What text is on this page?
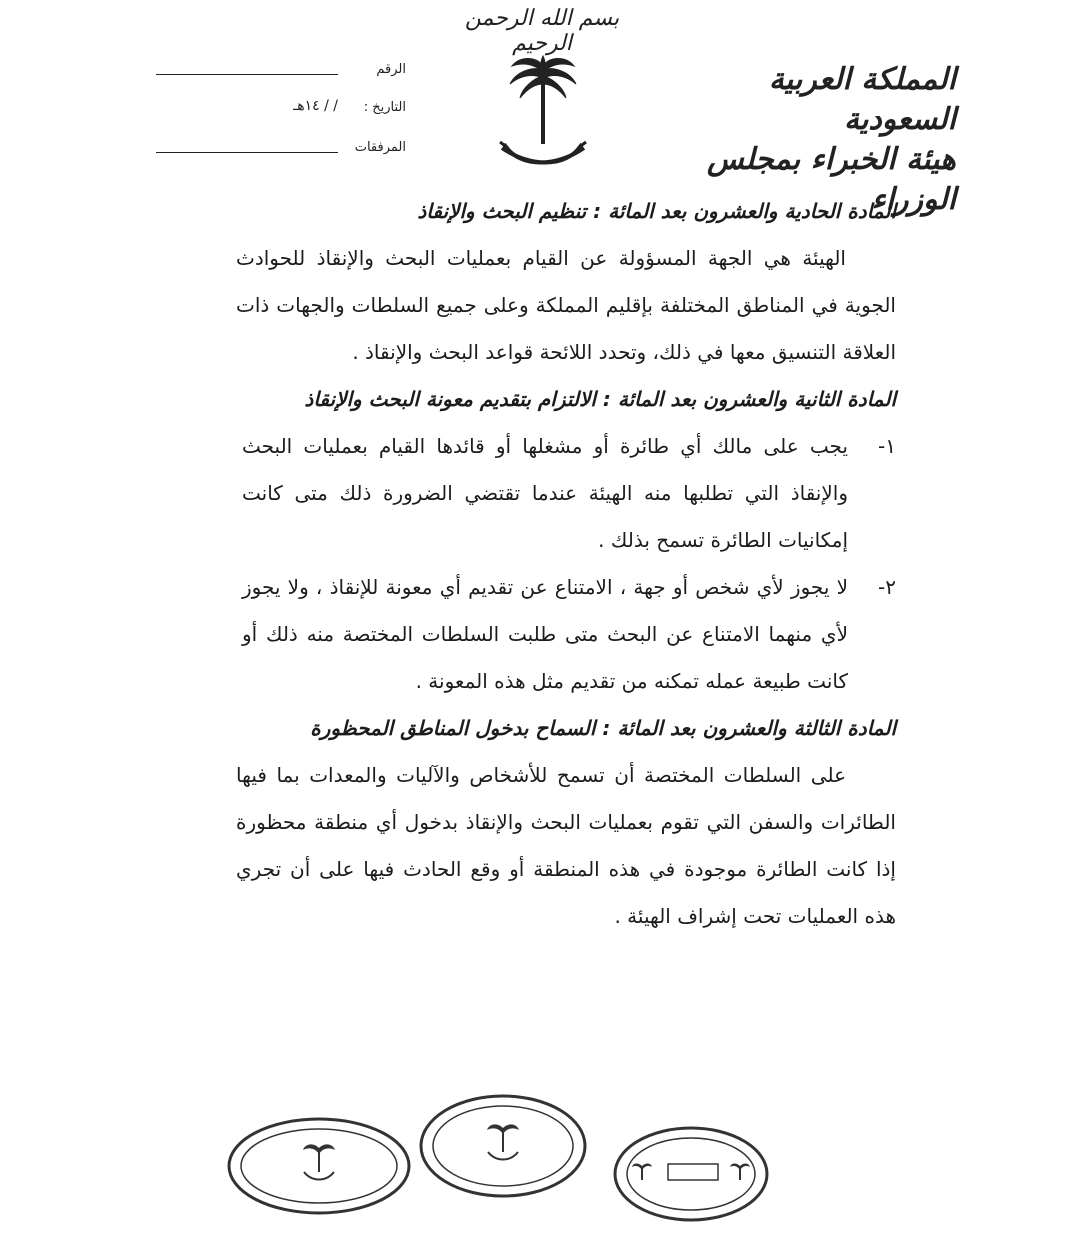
بسم الله الرحمن الرحيم
المملكة العربية السعودية
هيئة الخبراء بمجلس الوزراء
الرقم
التاريخ :
/ / ١٤هـ
المرفقات

المادة الحادية والعشرون بعد المائة : تنظيم البحث والإنقاذ

الهيئة هي الجهة المسؤولة عن القيام بعمليات البحث والإنقاذ للحوادث الجوية في المناطق المختلفة بإقليم المملكة وعلى جميع السلطات والجهات ذات العلاقة التنسيق معها في ذلك، وتحدد اللائحة قواعد البحث والإنقاذ .

المادة الثانية والعشرون بعد المائة : الالتزام بتقديم معونة البحث والإنقاذ

١-
يجب على مالك أي طائرة أو مشغلها أو قائدها القيام بعمليات البحث والإنقاذ التي تطلبها منه الهيئة عندما تقتضي الضرورة ذلك متى كانت إمكانيات الطائرة تسمح بذلك .
٢-
لا يجوز لأي شخص أو جهة ، الامتناع عن تقديم أي معونة للإنقاذ ، ولا يجوز لأي منهما الامتناع عن البحث متى طلبت السلطات المختصة منه ذلك أو كانت طبيعة عمله تمكنه من تقديم مثل هذه المعونة .

المادة الثالثة والعشرون بعد المائة : السماح بدخول المناطق المحظورة

على السلطات المختصة أن تسمح للأشخاص والآليات والمعدات بما فيها الطائرات والسفن التي تقوم بعمليات البحث والإنقاذ بدخول أي منطقة محظورة إذا كانت الطائرة موجودة في هذه المنطقة أو وقع الحادث فيها على أن تجري هذه العمليات تحت إشراف الهيئة .
